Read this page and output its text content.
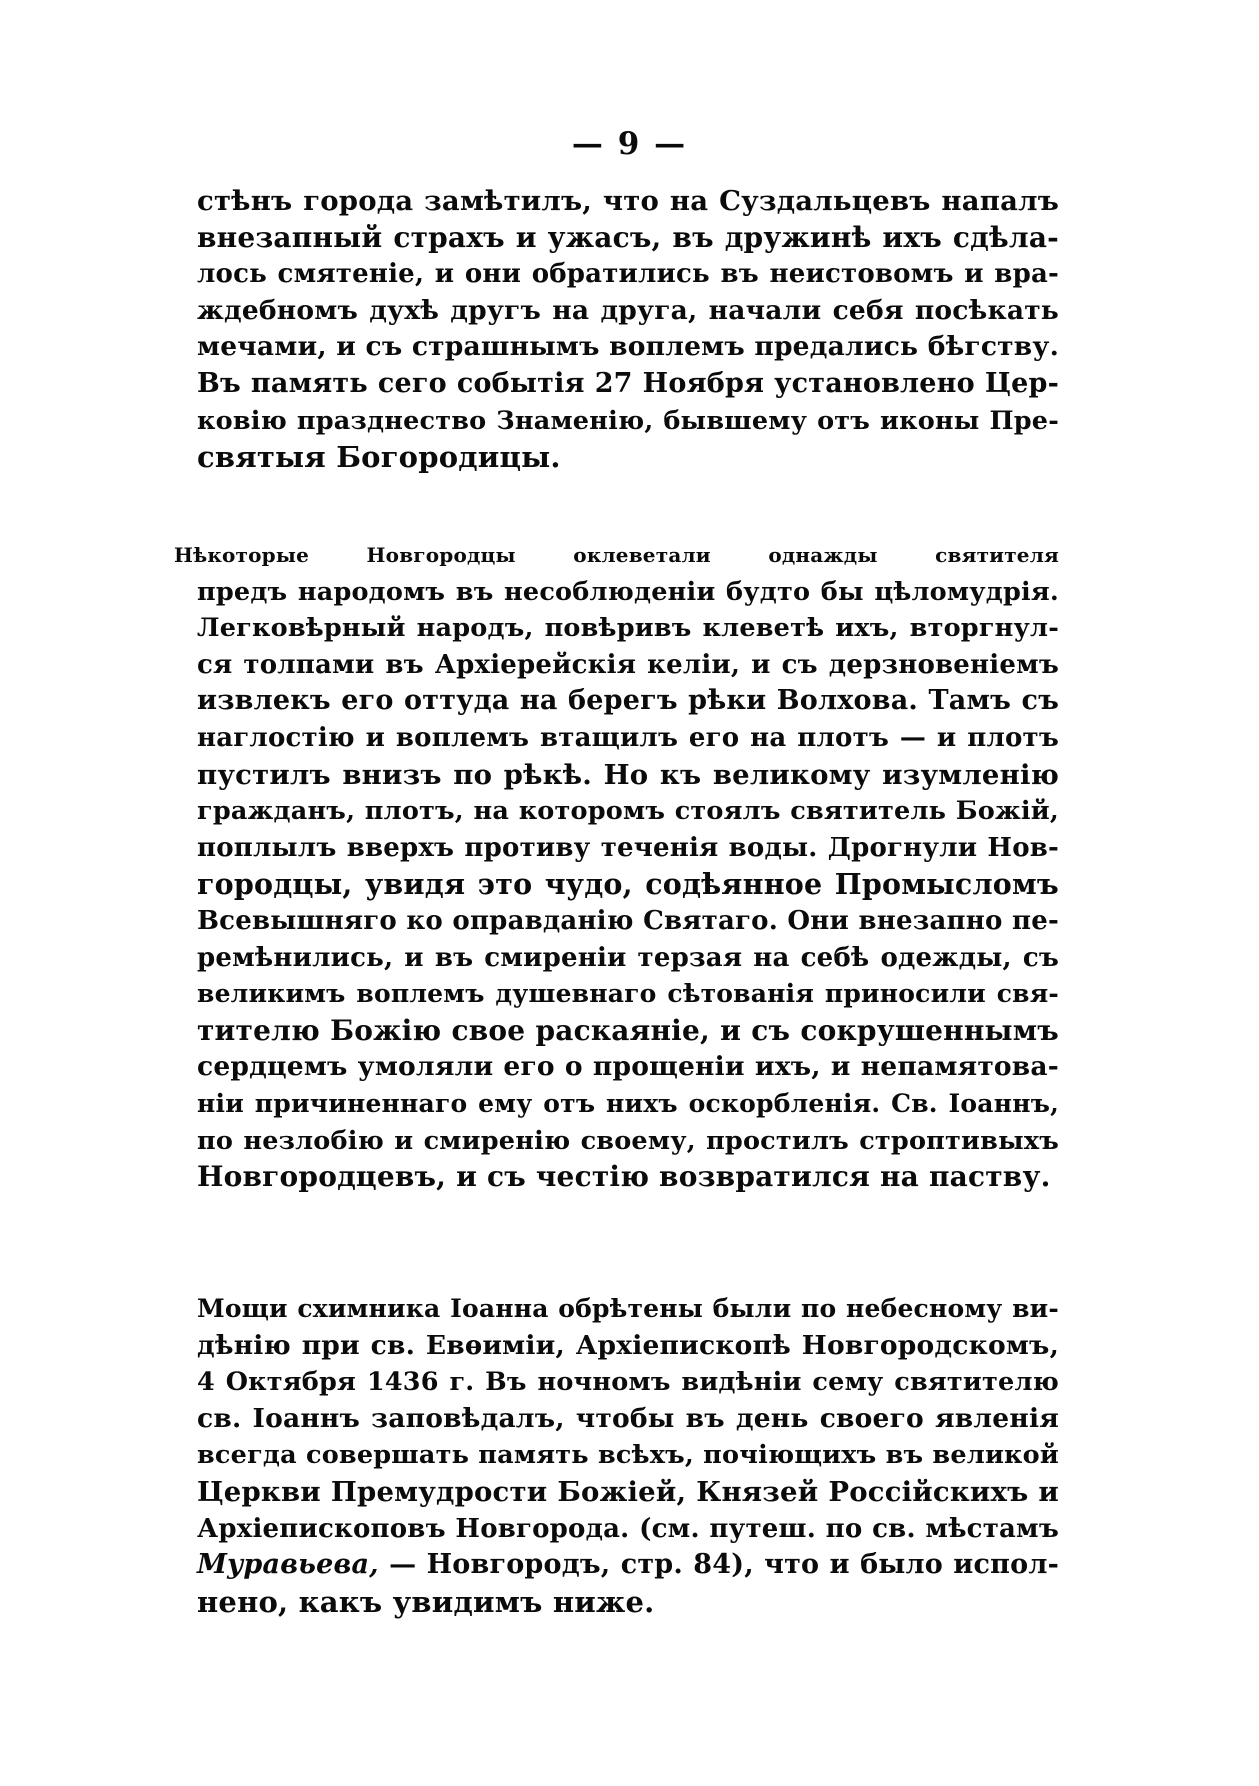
— 9 —
стѣнъ города замѣтилъ, что на Суздальцевъ напалъ
внезапный страхъ и ужасъ, въ дружинѣ ихъ сдѣла-
лось смятеніе, и они обратились въ неистовомъ и вра-
ждебномъ духѣ другъ на друга, начали себя посѣкать
мечами, и съ страшнымъ воплемъ предались бѣгству.
Въ память сего событія 27 Ноября установлено Цер-
ковію празднество Знаменію, бывшему отъ иконы Пре-
святыя Богородицы.
Нѣкоторые Новгородцы оклеветали однажды святителя
предъ народомъ въ несоблюденіи будто бы цѣломудрія.
Легковѣрный народъ, повѣривъ клеветѣ ихъ, вторгнул-
ся толпами въ Архіерейскія келіи, и съ дерзновеніемъ
извлекъ его оттуда на берегъ рѣки Волхова. Тамъ съ
наглостію и воплемъ втащилъ его на плотъ — и плотъ
пустилъ внизъ по рѣкѣ. Но къ великому изумленію
гражданъ, плотъ, на которомъ стоялъ святитель Божій,
поплылъ вверхъ противу теченія воды. Дрогнули Нов-
городцы, увидя это чудо, содѣянное Промысломъ
Всевышняго ко оправданію Святаго. Они внезапно пе-
ремѣнились, и въ смиреніи терзая на себѣ одежды, съ
великимъ воплемъ душевнаго сѣтованія приносили свя-
тителю Божію свое раскаяніе, и съ сокрушеннымъ
сердцемъ умоляли его о прощеніи ихъ, и непамятова-
ніи причиненнаго ему отъ нихъ оскорбленія. Св. Іоаннъ,
по незлобію и смиренію своему, простилъ строптивыхъ
Новгородцевъ, и съ честію возвратился на паству.
Мощи схимника Іоанна обрѣтены были по небесному ви-
дѣнію при св. Евѳиміи, Архіепископѣ Новгородскомъ,
4 Октября 1436 г. Въ ночномъ видѣніи сему святителю
св. Іоаннъ заповѣдалъ, чтобы въ день своего явленія
всегда совершать память всѣхъ, почіющихъ въ великой
Церкви Премудрости Божіей, Князей Россійскихъ и
Архіепископовъ Новгорода. (см. путеш. по св. мѣстамъ
Муравьева, — Новгородъ, стр. 84), что и было испол-
нено, какъ увидимъ ниже.
